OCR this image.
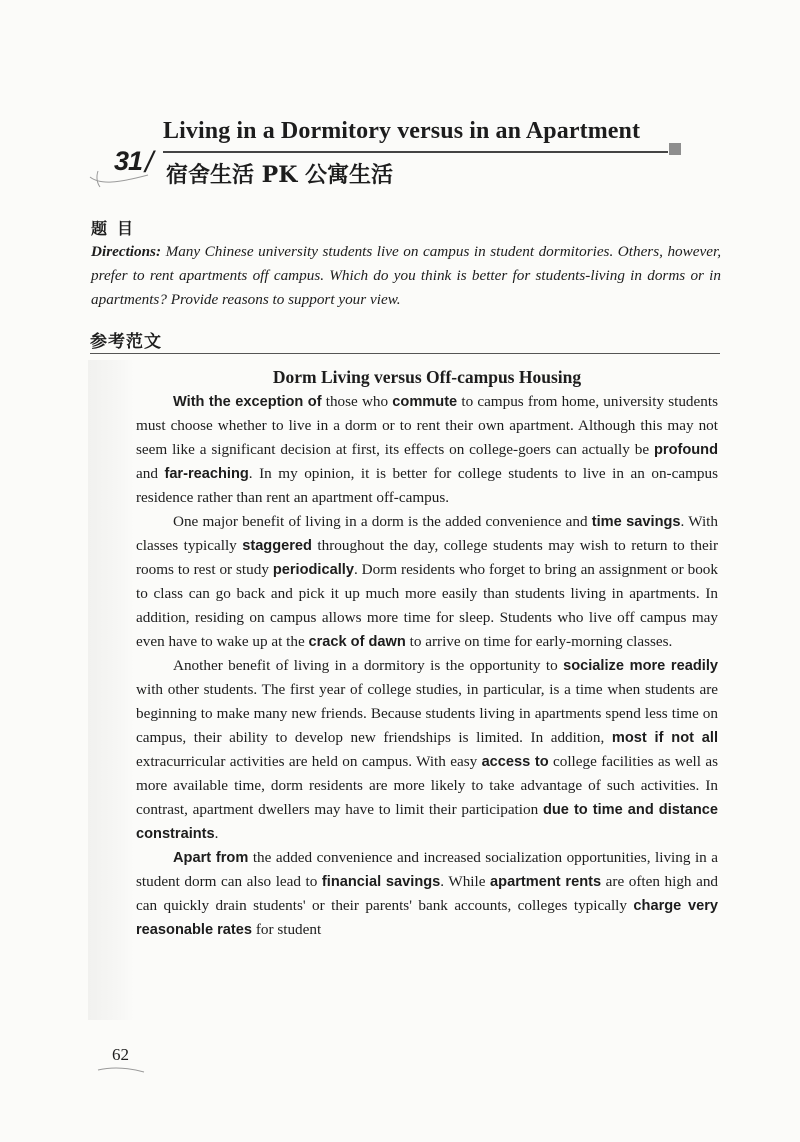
Living in a Dormitory versus in an Apartment
31 / 宿舍生活 PK 公寓生活
题目
Directions: Many Chinese university students live on campus in student dormitories. Others, however, prefer to rent apartments off campus. Which do you think is better for students-living in dorms or in apartments? Provide reasons to support your view.
参考范文
Dorm Living versus Off-campus Housing

With the exception of those who commute to campus from home, university students must choose whether to live in a dorm or to rent their own apartment. Although this may not seem like a significant decision at first, its effects on college-goers can actually be profound and far-reaching. In my opinion, it is better for college students to live in an on-campus residence rather than rent an apartment off-campus.

One major benefit of living in a dorm is the added convenience and time savings. With classes typically staggered throughout the day, college students may wish to return to their rooms to rest or study periodically. Dorm residents who forget to bring an assignment or book to class can go back and pick it up much more easily than students living in apartments. In addition, residing on campus allows more time for sleep. Students who live off campus may even have to wake up at the crack of dawn to arrive on time for early-morning classes.

Another benefit of living in a dormitory is the opportunity to socialize more readily with other students. The first year of college studies, in particular, is a time when students are beginning to make many new friends. Because students living in apartments spend less time on campus, their ability to develop new friendships is limited. In addition, most if not all extracurricular activities are held on campus. With easy access to college facilities as well as more available time, dorm residents are more likely to take advantage of such activities. In contrast, apartment dwellers may have to limit their participation due to time and distance constraints.

Apart from the added convenience and increased socialization opportunities, living in a student dorm can also lead to financial savings. While apartment rents are often high and can quickly drain students' or their parents' bank accounts, colleges typically charge very reasonable rates for student

62
